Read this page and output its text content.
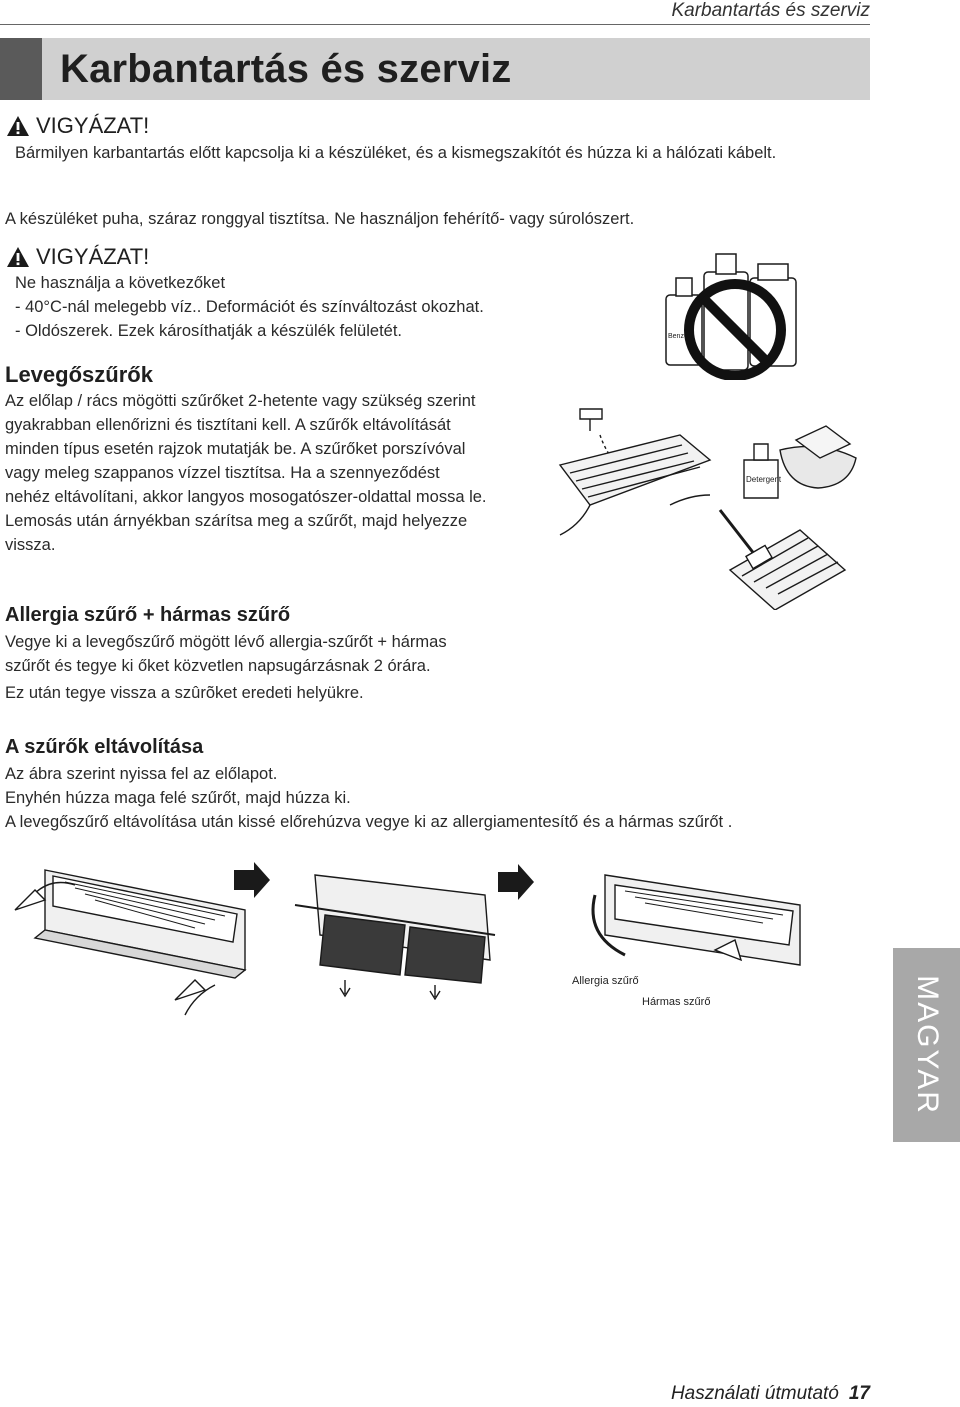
Karbantartás és szerviz
Karbantartás és szerviz
VIGYÁZAT!

Bármilyen karbantartás előtt kapcsolja ki a készüléket, és a kismegszakítót és húzza ki a hálózati kábelt.

A készüléket puha, száraz ronggyal tisztítsa. Ne használjon fehérítő- vagy súrolószert.

VIGYÁZAT!

Ne használja a következőket

- 40°C-nál melegebb víz.. Deformációt és színváltozást okozhat.

- Oldószerek. Ezek károsíthatják a készülék felületét.	Benzen
Levegőszűrők

Az előlap / rács mögötti szűrőket 2-hetente vagy szükség szerint

gyakrabban ellenőrizni és tisztítani kell. A szűrők eltávolítását

minden típus esetén rajzok mutatják be. A szűrőket porszívóval

vagy meleg szappanos vízzel tisztítsa. Ha a szennyeződést

nehéz eltávolítani, akkor langyos mosogatószer-oldattal mossa le.

Lemosás után árnyékban szárítsa meg a szűrőt, majd helyezze

vissza.

Detergent
Allergia szűrő + hármas szűrő

Vegye ki a levegőszűrő mögött lévő allergia-szűrőt + hármas

szűrőt és tegye ki őket közvetlen napsugárzásnak 2 órára.

Ez után tegye vissza a szûrõket eredeti helyükre.

A szűrők eltávolítása

Az ábra szerint nyissa fel az előlapot.

Enyhén húzza maga felé szűrőt, majd húzza ki.

A levegőszűrő eltávolítása után kissé előrehúzva vegye ki az allergiamentesítő és a hármas szűrőt .

Allergia szűrő
Hármas szűrő	MAGYAR
Használati útmutató 17
